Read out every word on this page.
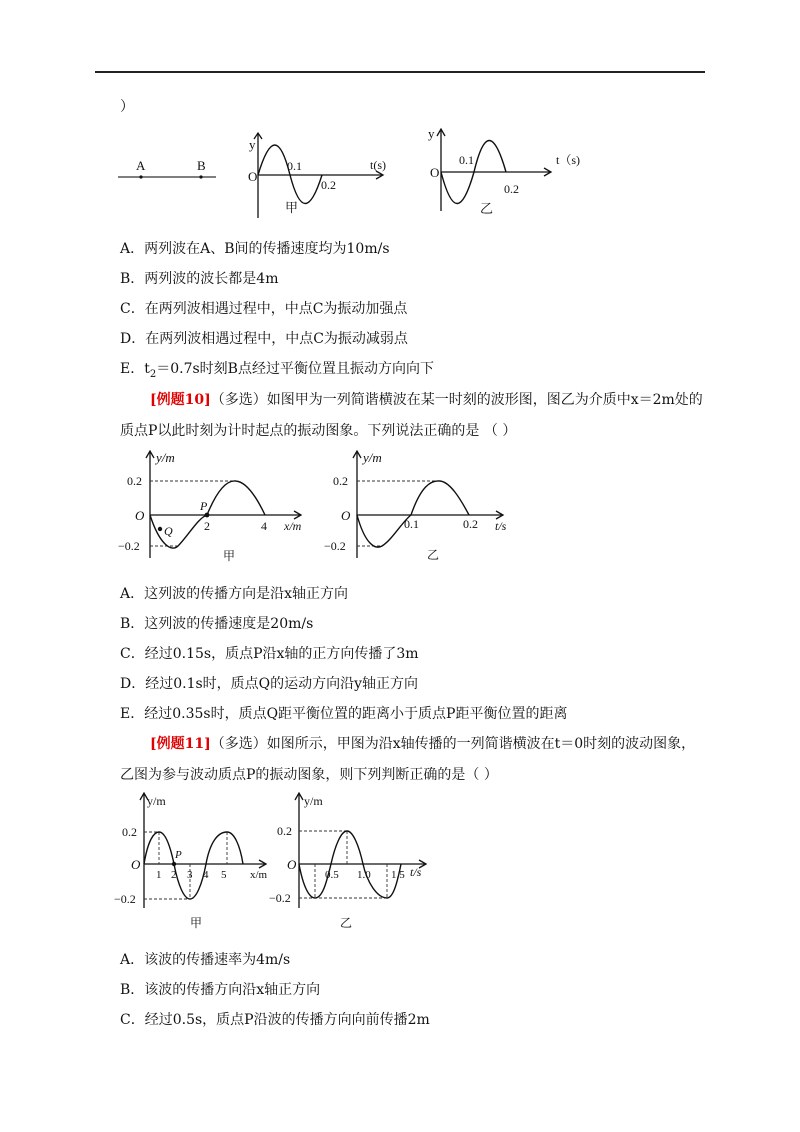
）
A	B
y
O
0.1
0.2
t(s)
甲
y
O
0.1
0.2
t（s)
乙
A．两列波在A、B间的传播速度均为10m/s
B．两列波的波长都是4m
C．在两列波相遇过程中，中点C为振动加强点
D．在两列波相遇过程中，中点C为振动减弱点
E．$t_2=0.7s$时刻B点经过平衡位置且振动方向向下
[例题10]（多选）如图甲为一列简谐横波在某一时刻的波形图，图乙为介质中x＝2m处的
质点P以此时刻为计时起点的振动图象。下列说法正确的是 （ ）
y/m
0.2
−0.2
O
P
Q	2	4 x/m
甲
y/m
0.2
−0.2
O
0.1	0.2 t/s
乙
A．这列波的传播方向是沿x轴正方向
B．这列波的传播速度是20m/s
C．经过0.15s，质点P沿x轴的正方向传播了3m
D．经过0.1s时，质点Q的运动方向沿y轴正方向
E．经过0.35s时，质点Q距平衡位置的距离小于质点P距平衡位置的距离
[例题11]（多选）如图所示，甲图为沿x轴传播的一列简谐横波在t＝0时刻的波动图象，
乙图为参与波动质点P的振动图象，则下列判断正确的是（ ）
y/m
0.2
−0.2
O
P
1 2 3 4 5 x/m
甲
y/m
0.2
−0.2
O
0.5 1.0 1.5 t/s
乙
A．该波的传播速率为4m/s
B．该波的传播方向沿x轴正方向
C．经过0.5s，质点P沿波的传播方向向前传播2m
